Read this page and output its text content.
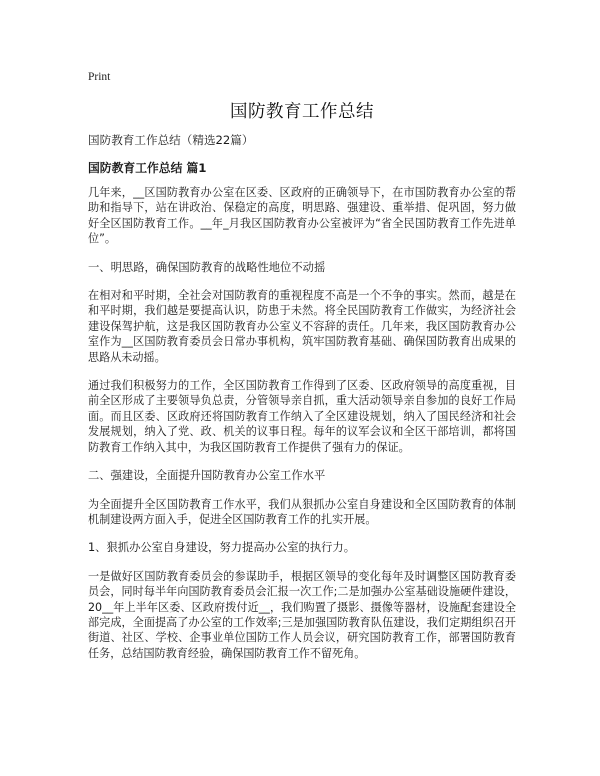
Print
国防教育工作总结
国防教育工作总结（精选22篇）
国防教育工作总结 篇1
几年来，__区国防教育办公室在区委、区政府的正确领导下，在市国防教育办公室的帮助和指导下，站在讲政治、保稳定的高度，明思路、强建设、重举措、促巩固，努力做好全区国防教育工作。__年_月我区国防教育办公室被评为“省全民国防教育工作先进单位”。
一、明思路，确保国防教育的战略性地位不动摇
在相对和平时期，全社会对国防教育的重视程度不高是一个不争的事实。然而，越是在和平时期，我们越是要提高认识，防患于未然。将全民国防教育工作做实，为经济社会建设保驾护航，这是我区国防教育办公室义不容辞的责任。几年来，我区国防教育办公室作为__区国防教育委员会日常办事机构，筑牢国防教育基础、确保国防教育出成果的思路从未动摇。
通过我们积极努力的工作，全区国防教育工作得到了区委、区政府领导的高度重视，目前全区形成了主要领导负总责，分管领导亲自抓，重大活动领导亲自参加的良好工作局面。而且区委、区政府还将国防教育工作纳入了全区建设规划，纳入了国民经济和社会发展规划，纳入了党、政、机关的议事日程。每年的议军会议和全区干部培训，都将国防教育工作纳入其中，为我区国防教育工作提供了强有力的保证。
二、强建设，全面提升国防教育办公室工作水平
为全面提升全区国防教育工作水平，我们从狠抓办公室自身建设和全区国防教育的体制机制建设两方面入手，促进全区国防教育工作的扎实开展。
1、狠抓办公室自身建设，努力提高办公室的执行力。
一是做好区国防教育委员会的参谋助手，根据区领导的变化每年及时调整区国防教育委员会，同时每半年向国防教育委员会汇报一次工作;二是加强办公室基础设施硬件建设，20__年上半年区委、区政府拨付近__，我们购置了摄影、摄像等器材，设施配套建设全部完成，全面提高了办公室的工作效率;三是加强国防教育队伍建设，我们定期组织召开街道、社区、学校、企事业单位国防工作人员会议，研究国防教育工作，部署国防教育任务，总结国防教育经验，确保国防教育工作不留死角。
